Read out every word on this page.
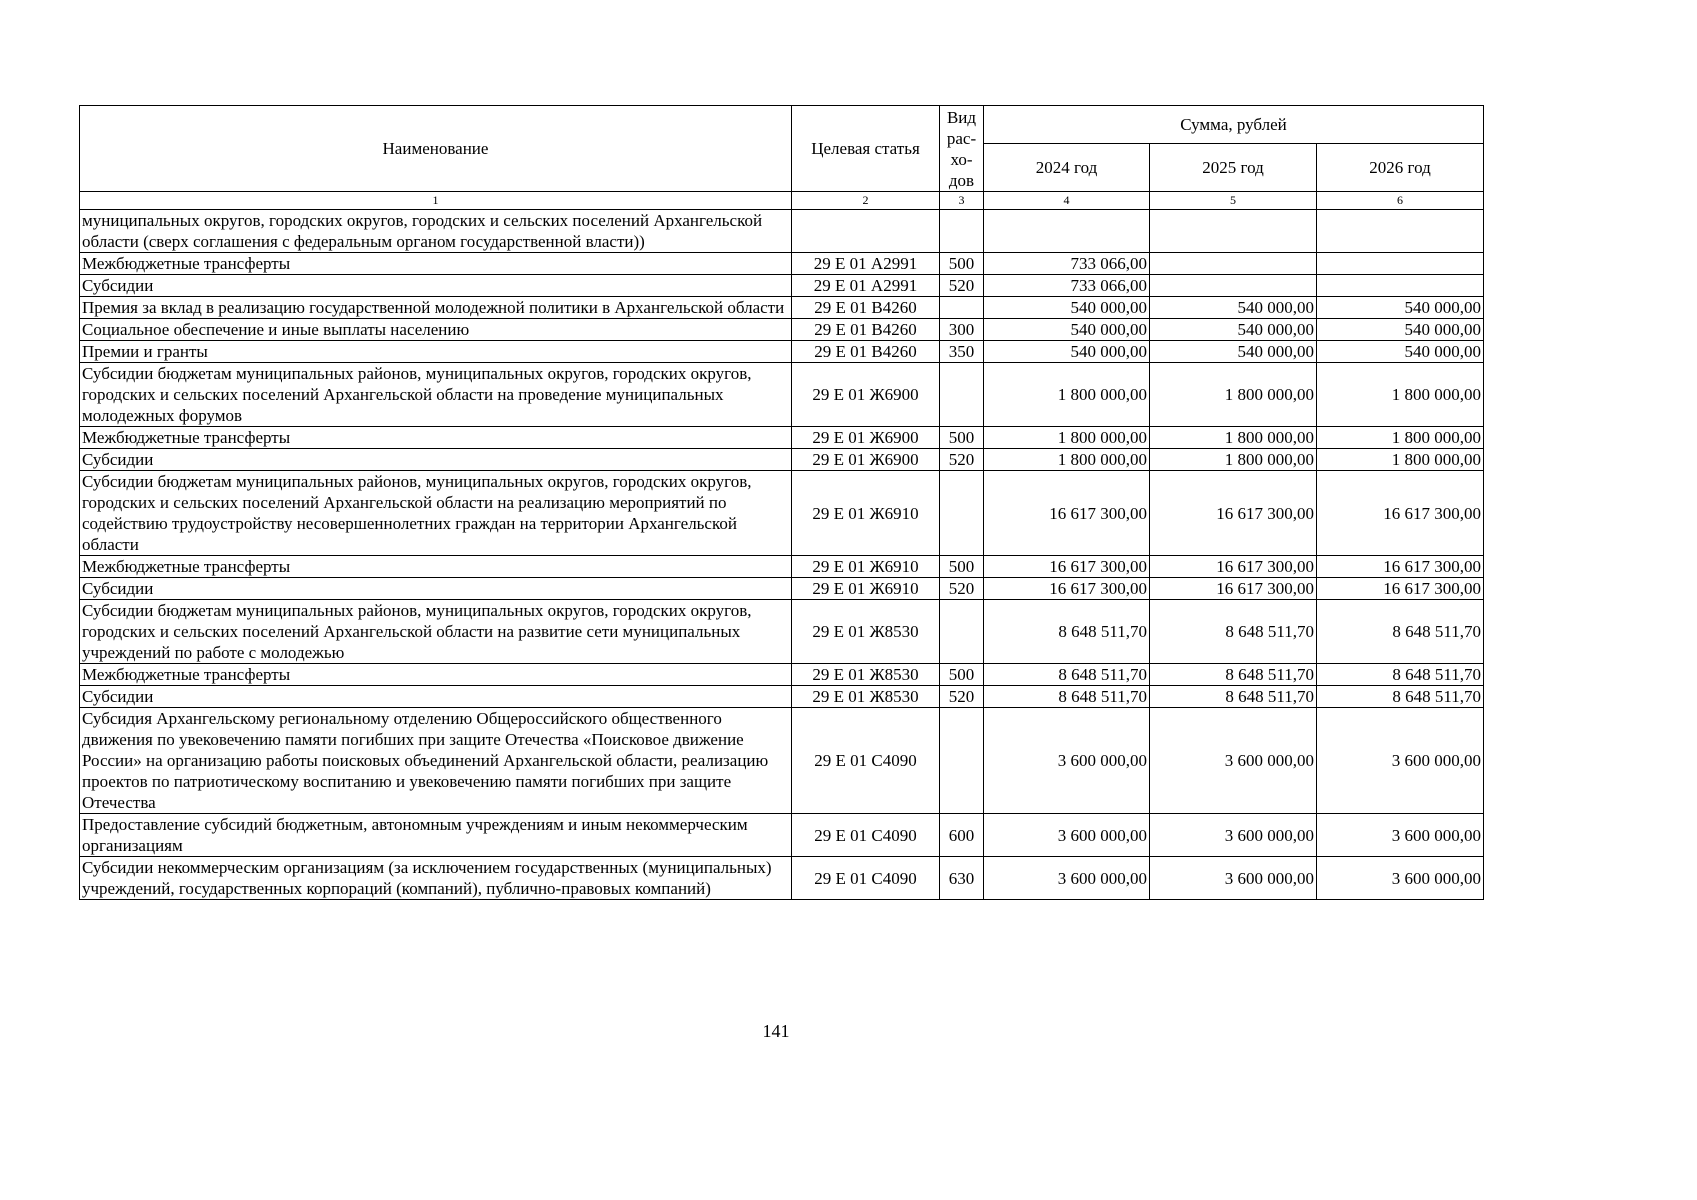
Наименование	Целевая статья	Вид рас-хо-дов	Сумма, рублей		
			2024 год	2025 год	2026 год
1	2	3	4	5	6
муниципальных округов, городских округов, городских и сельских поселений Архангельской области (сверх соглашения с федеральным органом государственной власти))					
Межбюджетные трансферты	29 Е 01 А2991	500	733 066,00		
Субсидии	29 Е 01 А2991	520	733 066,00		
Премия за вклад в реализацию государственной молодежной политики в Архангельской области	29 Е 01 В4260		540 000,00	540 000,00	540 000,00
Социальное обеспечение и иные выплаты населению	29 Е 01 В4260	300	540 000,00	540 000,00	540 000,00
Премии и гранты	29 Е 01 В4260	350	540 000,00	540 000,00	540 000,00
Субсидии бюджетам муниципальных районов, муниципальных округов, городских округов, городских и сельских поселений Архангельской области на проведение муниципальных молодежных форумов	29 Е 01 Ж6900		1 800 000,00	1 800 000,00	1 800 000,00
Межбюджетные трансферты	29 Е 01 Ж6900	500	1 800 000,00	1 800 000,00	1 800 000,00
Субсидии	29 Е 01 Ж6900	520	1 800 000,00	1 800 000,00	1 800 000,00
Субсидии бюджетам муниципальных районов, муниципальных округов, городских округов, городских и сельских поселений Архангельской области на реализацию мероприятий по содействию трудоустройству несовершеннолетних граждан на территории Архангельской области	29 Е 01 Ж6910		16 617 300,00	16 617 300,00	16 617 300,00
Межбюджетные трансферты	29 Е 01 Ж6910	500	16 617 300,00	16 617 300,00	16 617 300,00
Субсидии	29 Е 01 Ж6910	520	16 617 300,00	16 617 300,00	16 617 300,00
Субсидии бюджетам муниципальных районов, муниципальных округов, городских округов, городских и сельских поселений Архангельской области на развитие сети муниципальных учреждений по работе с молодежью	29 Е 01 Ж8530		8 648 511,70	8 648 511,70	8 648 511,70
Межбюджетные трансферты	29 Е 01 Ж8530	500	8 648 511,70	8 648 511,70	8 648 511,70
Субсидии	29 Е 01 Ж8530	520	8 648 511,70	8 648 511,70	8 648 511,70
Субсидия Архангельскому региональному отделению Общероссийского общественного движения по увековечению памяти погибших при защите Отечества «Поисковое движение России» на организацию работы поисковых объединений Архангельской области, реализацию проектов по патриотическому воспитанию и увековечению памяти погибших при защите Отечества	29 Е 01 С4090		3 600 000,00	3 600 000,00	3 600 000,00
Предоставление субсидий бюджетным, автономным учреждениям и иным некоммерческим организациям	29 Е 01 С4090	600	3 600 000,00	3 600 000,00	3 600 000,00
Субсидии некоммерческим организациям (за исключением государственных (муниципальных) учреждений, государственных корпораций (компаний), публично-правовых компаний)	29 Е 01 С4090	630	3 600 000,00	3 600 000,00	3 600 000,00
141
